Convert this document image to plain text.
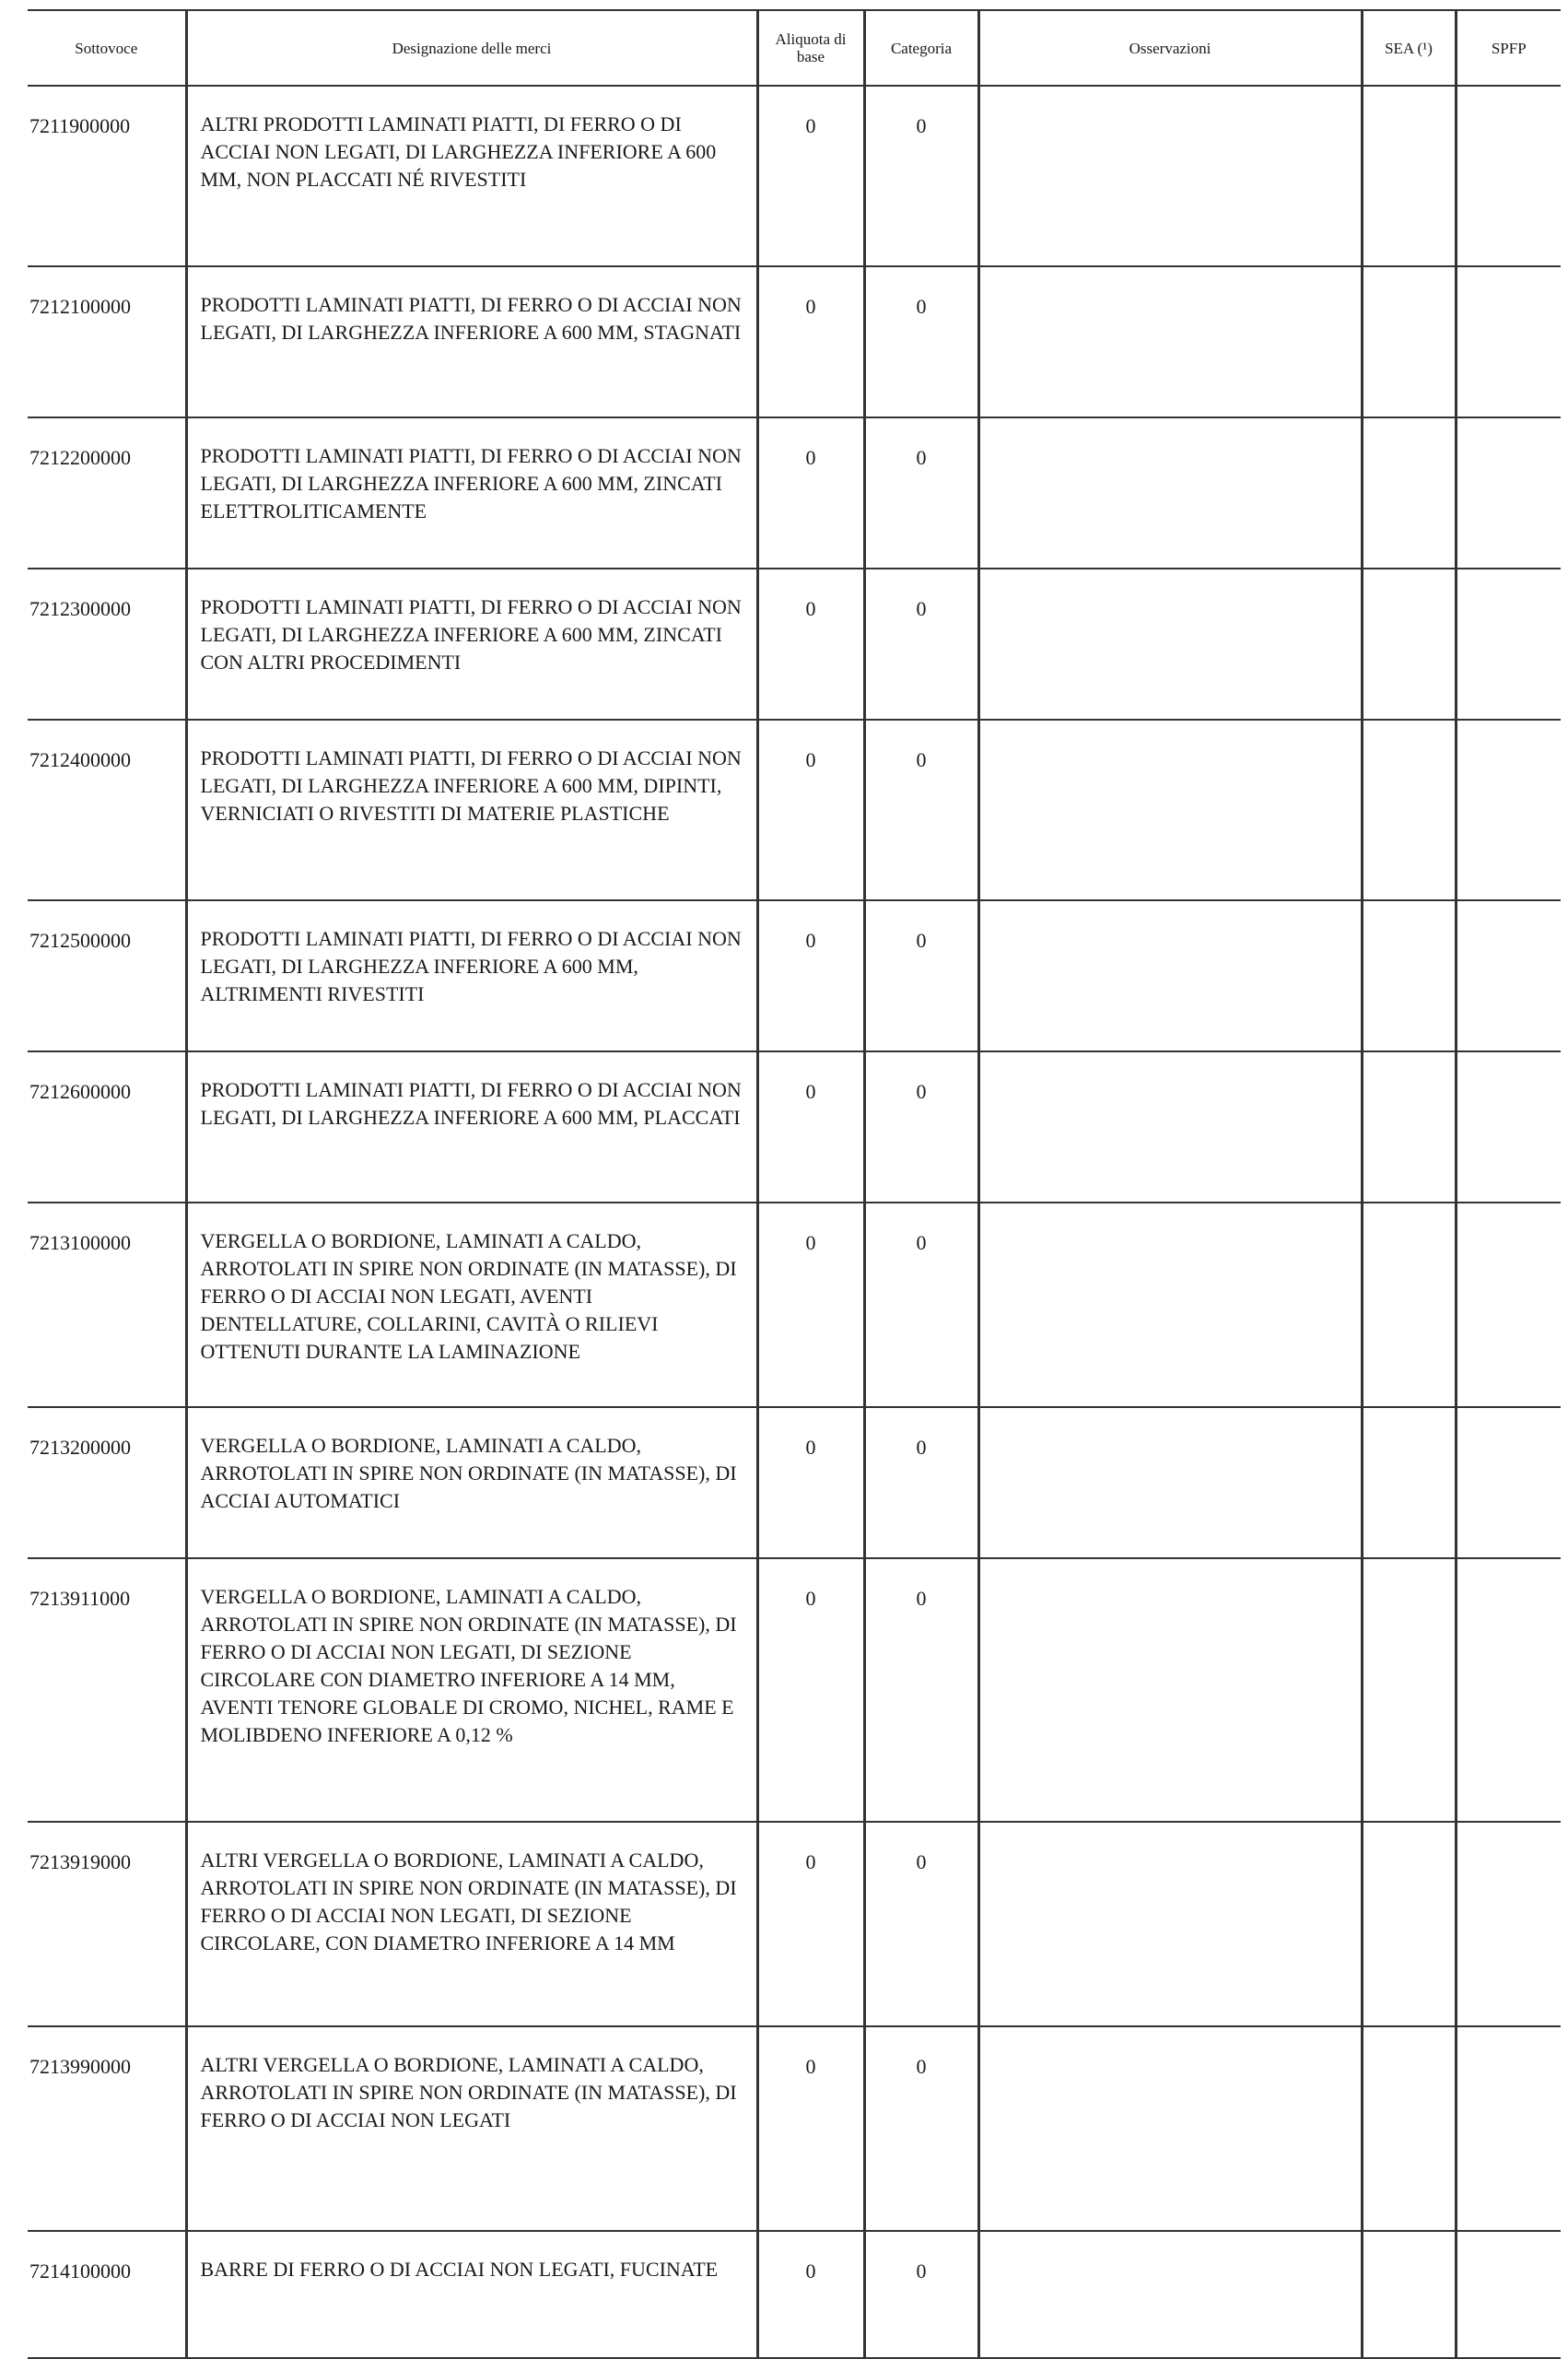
Sottovoce	Designazione delle merci	Aliquota di base	Categoria	Osservazioni	SEA (¹)	SPFP
7211900000	ALTRI PRODOTTI LAMINATI PIATTI, DI FERRO O DI ACCIAI NON LEGATI, DI LARGHEZZA INFERIORE A 600 MM, NON PLACCATI NÉ RIVESTITI	0	0			
7212100000	PRODOTTI LAMINATI PIATTI, DI FERRO O DI ACCIAI NON LEGATI, DI LARGHEZZA INFERIORE A 600 MM, STAGNATI	0	0			
7212200000	PRODOTTI LAMINATI PIATTI, DI FERRO O DI ACCIAI NON LEGATI, DI LARGHEZZA INFERIORE A 600 MM, ZINCATI ELETTROLITICAMENTE	0	0			
7212300000	PRODOTTI LAMINATI PIATTI, DI FERRO O DI ACCIAI NON LEGATI, DI LARGHEZZA INFERIORE A 600 MM, ZINCATI CON ALTRI PROCEDIMENTI	0	0			
7212400000	PRODOTTI LAMINATI PIATTI, DI FERRO O DI ACCIAI NON LEGATI, DI LARGHEZZA INFERIORE A 600 MM, DIPINTI, VERNICIATI O RIVESTITI DI MATERIE PLASTICHE	0	0			
7212500000	PRODOTTI LAMINATI PIATTI, DI FERRO O DI ACCIAI NON LEGATI, DI LARGHEZZA INFERIORE A 600 MM, ALTRIMENTI RIVESTITI	0	0			
7212600000	PRODOTTI LAMINATI PIATTI, DI FERRO O DI ACCIAI NON LEGATI, DI LARGHEZZA INFERIORE A 600 MM, PLACCATI	0	0			
7213100000	VERGELLA O BORDIONE, LAMINATI A CALDO, ARROTOLATI IN SPIRE NON ORDINATE (IN MATASSE), DI FERRO O DI ACCIAI NON LEGATI, AVENTI DENTELLATURE, COLLARINI, CAVITÀ O RILIEVI OTTENUTI DURANTE LA LAMINAZIONE	0	0			
7213200000	VERGELLA O BORDIONE, LAMINATI A CALDO, ARROTOLATI IN SPIRE NON ORDINATE (IN MATASSE), DI ACCIAI AUTOMATICI	0	0			
7213911000	VERGELLA O BORDIONE, LAMINATI A CALDO, ARROTOLATI IN SPIRE NON ORDINATE (IN MATASSE), DI FERRO O DI ACCIAI NON LEGATI, DI SEZIONE CIRCOLARE CON DIAMETRO INFERIORE A 14 MM, AVENTI TENORE GLOBALE DI CROMO, NICHEL, RAME E MOLIBDENO INFERIORE A 0,12 %	0	0			
7213919000	ALTRI VERGELLA O BORDIONE, LAMINATI A CALDO, ARROTOLATI IN SPIRE NON ORDINATE (IN MATASSE), DI FERRO O DI ACCIAI NON LEGATI, DI SEZIONE CIRCOLARE, CON DIAMETRO INFERIORE A 14 MM	0	0			
7213990000	ALTRI VERGELLA O BORDIONE, LAMINATI A CALDO, ARROTOLATI IN SPIRE NON ORDINATE (IN MATASSE), DI FERRO O DI ACCIAI NON LEGATI	0	0			
7214100000	BARRE DI FERRO O DI ACCIAI NON LEGATI, FUCINATE	0	0			
